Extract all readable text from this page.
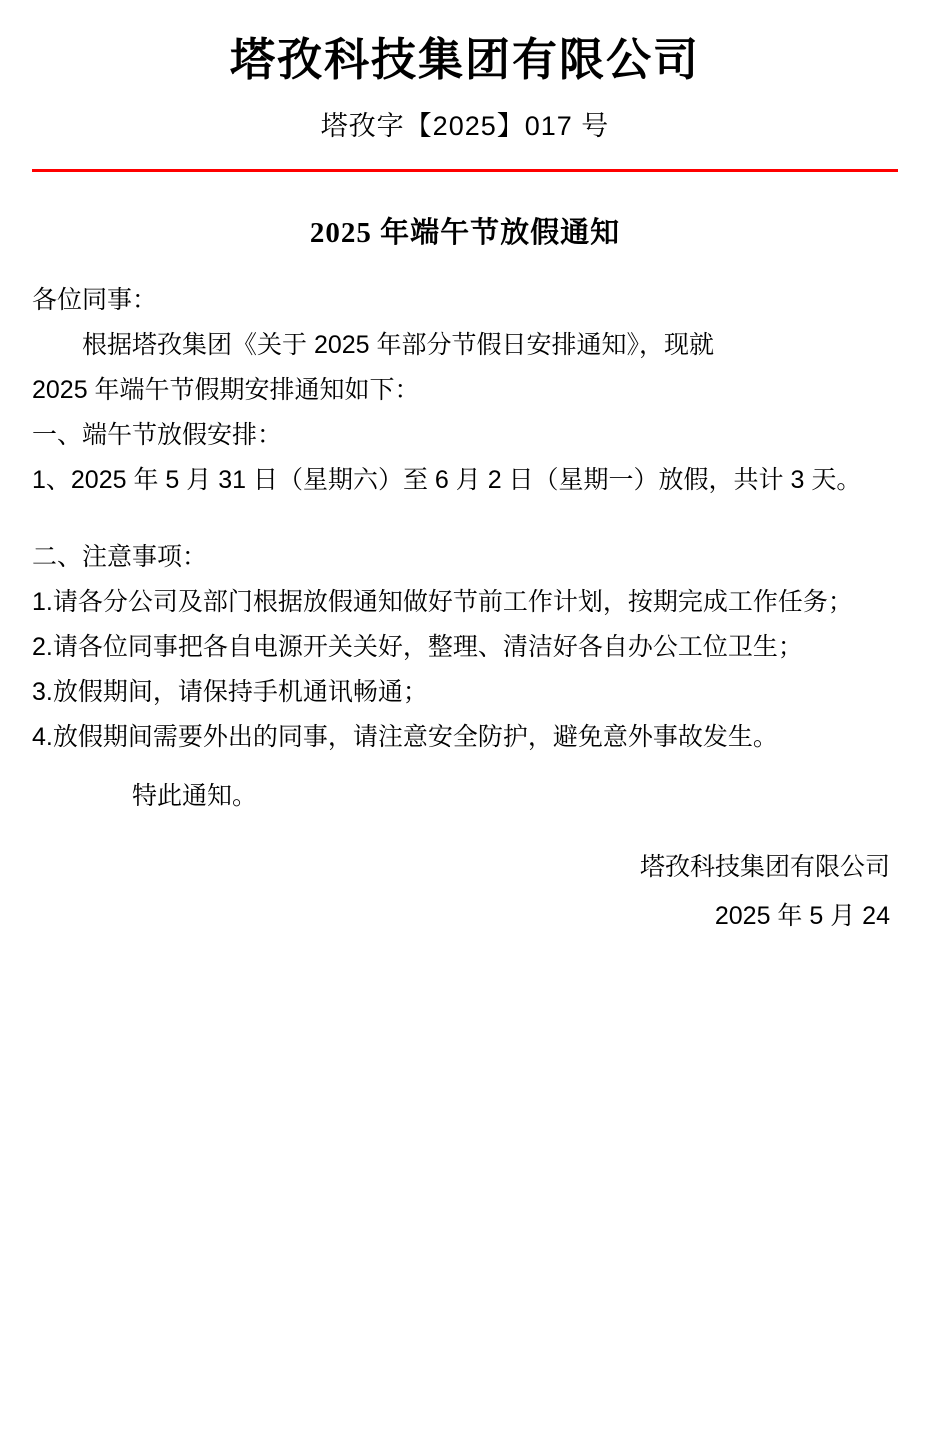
塔孜科技集团有限公司
塔孜字【2025】017 号
2025 年端午节放假通知

各位同事：

根据塔孜集团《关于 2025 年部分节假日安排通知》，现就

2025 年端午节假期安排通知如下：

一、端午节放假安排：

1、2025 年 5 月 31 日（星期六）至 6 月 2 日（星期一）放假，共计 3 天。

二、注意事项：

1.请各分公司及部门根据放假通知做好节前工作计划，按期完成工作任务；

2.请各位同事把各自电源开关关好，整理、清洁好各自办公工位卫生；

3.放假期间，请保持手机通讯畅通；

4.放假期间需要外出的同事，请注意安全防护，避免意外事故发生。

特此通知。

塔孜科技集团有限公司
2025 年 5 月 24
